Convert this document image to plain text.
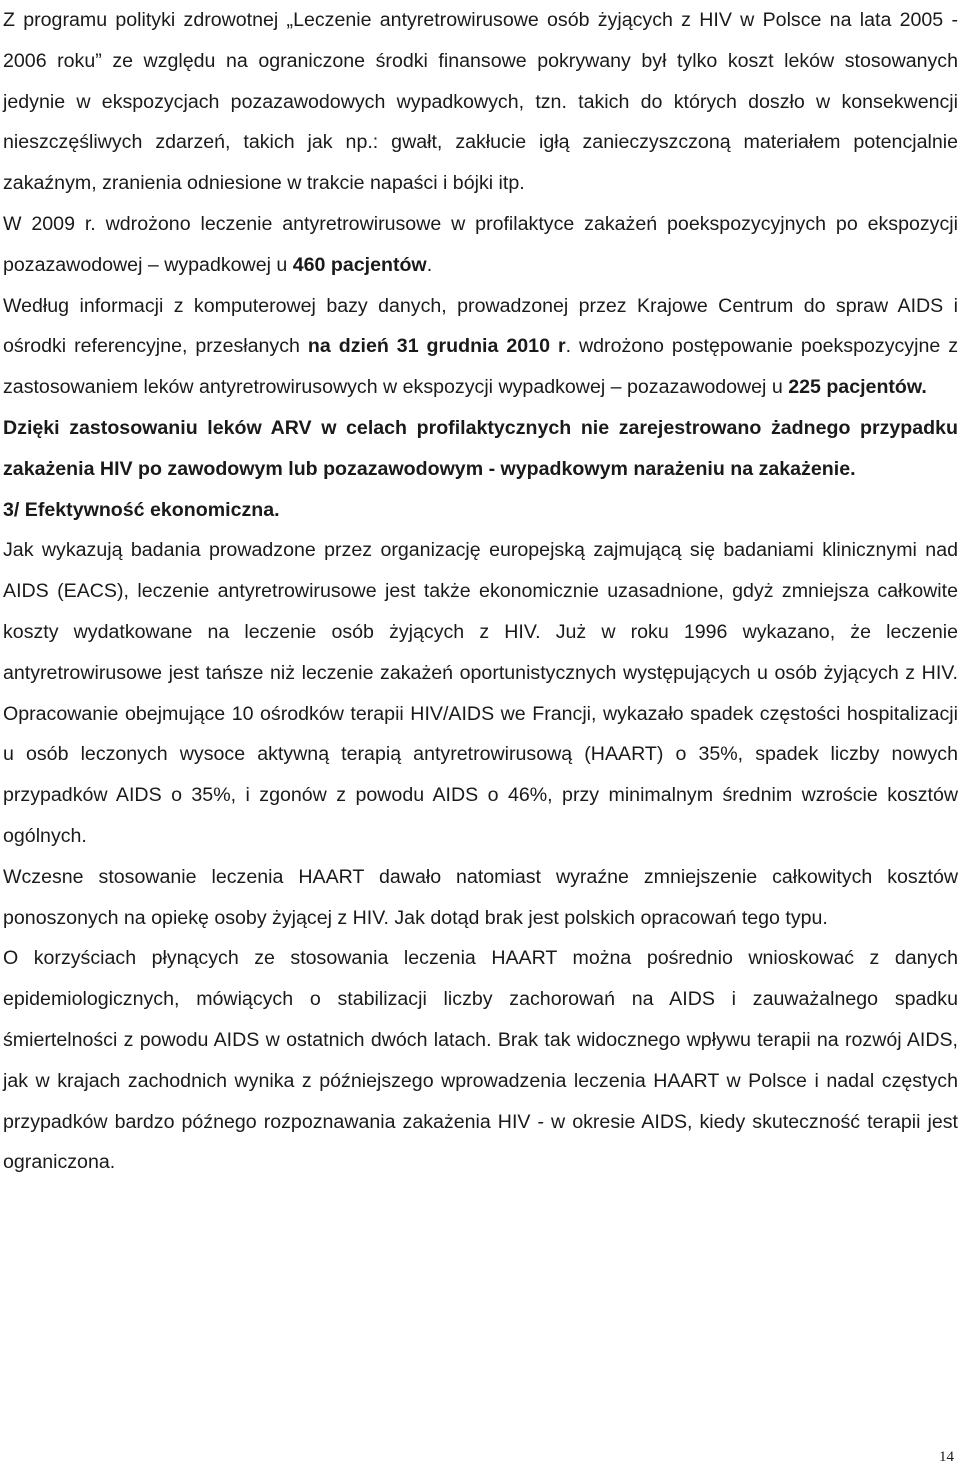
Z programu polityki zdrowotnej „Leczenie antyretrowirusowe osób żyjących z HIV w Polsce na lata 2005 - 2006 roku” ze względu na ograniczone środki finansowe pokrywany był tylko koszt leków stosowanych jedynie w ekspozycjach pozazawodowych wypadkowych, tzn. takich do których doszło w konsekwencji nieszczęśliwych zdarzeń, takich jak np.: gwałt, zakłucie igłą zanieczyszczoną materiałem potencjalnie zakaźnym, zranienia odniesione w trakcie napaści i bójki itp.

W 2009 r. wdrożono leczenie antyretrowirusowe w profilaktyce zakażeń poekspozycyjnych po ekspozycji pozazawodowej – wypadkowej u 460 pacjentów.

Według informacji z komputerowej bazy danych, prowadzonej przez Krajowe Centrum do spraw AIDS i ośrodki referencyjne, przesłanych na dzień 31 grudnia 2010 r. wdrożono postępowanie poekspozycyjne z zastosowaniem leków antyretrowirusowych w ekspozycji wypadkowej – pozazawodowej u 225 pacjentów.

Dzięki zastosowaniu leków ARV w celach profilaktycznych nie zarejestrowano żadnego przypadku zakażenia HIV po zawodowym lub pozazawodowym - wypadkowym narażeniu na zakażenie.

3/ Efektywność ekonomiczna.

Jak wykazują badania prowadzone przez organizację europejską zajmującą się badaniami klinicznymi nad AIDS (EACS), leczenie antyretrowirusowe jest także ekonomicznie uzasadnione, gdyż zmniejsza całkowite koszty wydatkowane na leczenie osób żyjących z HIV. Już w roku 1996 wykazano, że leczenie antyretrowirusowe jest tańsze niż leczenie zakażeń oportunistycznych występujących u osób żyjących z HIV. Opracowanie obejmujące 10 ośrodków terapii HIV/AIDS we Francji, wykazało spadek częstości hospitalizacji u osób leczonych wysoce aktywną terapią antyretrowirusową (HAART) o 35%, spadek liczby nowych przypadków AIDS o 35%, i zgonów z powodu AIDS o 46%, przy minimalnym średnim wzroście kosztów ogólnych.

Wczesne stosowanie leczenia HAART dawało natomiast wyraźne zmniejszenie całkowitych kosztów ponoszonych na opiekę osoby żyjącej z HIV. Jak dotąd brak jest polskich opracowań tego typu.

O korzyściach płynących ze stosowania leczenia HAART można pośrednio wnioskować z danych epidemiologicznych, mówiących o stabilizacji liczby zachorowań na AIDS i zauważalnego spadku śmiertelności z powodu AIDS w ostatnich dwóch latach. Brak tak widocznego wpływu terapii na rozwój AIDS, jak w krajach zachodnich wynika z późniejszego wprowadzenia leczenia HAART w Polsce i nadal częstych przypadków bardzo późnego rozpoznawania zakażenia HIV - w okresie AIDS, kiedy skuteczność terapii jest ograniczona.

14
